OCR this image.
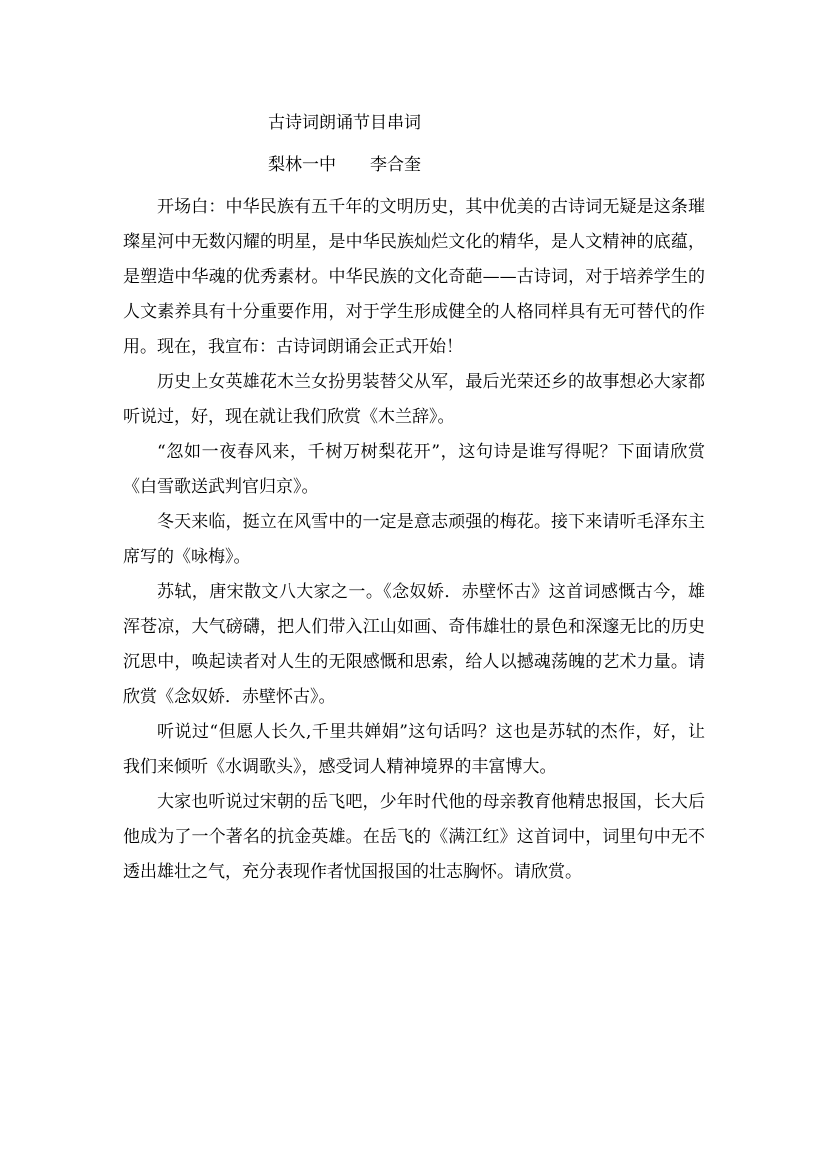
古诗词朗诵节目串词
梨林一中 李合奎

开场白：中华民族有五千年的文明历史，其中优美的古诗词无疑是这条璀璨星河中无数闪耀的明星，是中华民族灿烂文化的精华，是人文精神的底蕴，是塑造中华魂的优秀素材。中华民族的文化奇葩——古诗词，对于培养学生的人文素养具有十分重要作用，对于学生形成健全的人格同样具有无可替代的作用。现在，我宣布：古诗词朗诵会正式开始！

历史上女英雄花木兰女扮男装替父从军，最后光荣还乡的故事想必大家都听说过，好，现在就让我们欣赏《木兰辞》。

“忽如一夜春风来，千树万树梨花开”，这句诗是谁写得呢？下面请欣赏《白雪歌送武判官归京》。

冬天来临，挺立在风雪中的一定是意志顽强的梅花。接下来请听毛泽东主席写的《咏梅》。

苏轼，唐宋散文八大家之一。《念奴娇．赤壁怀古》这首词感慨古今，雄浑苍凉，大气磅礴，把人们带入江山如画、奇伟雄壮的景色和深邃无比的历史沉思中，唤起读者对人生的无限感慨和思索，给人以撼魂荡魄的艺术力量。请欣赏《念奴娇．赤壁怀古》。

听说过“但愿人长久,千里共婵娟”这句话吗？这也是苏轼的杰作，好，让我们来倾听《水调歌头》，感受词人精神境界的丰富博大。

大家也听说过宋朝的岳飞吧，少年时代他的母亲教育他精忠报国，长大后他成为了一个著名的抗金英雄。在岳飞的《满江红》这首词中，词里句中无不透出雄壮之气，充分表现作者忧国报国的壮志胸怀。请欣赏。
